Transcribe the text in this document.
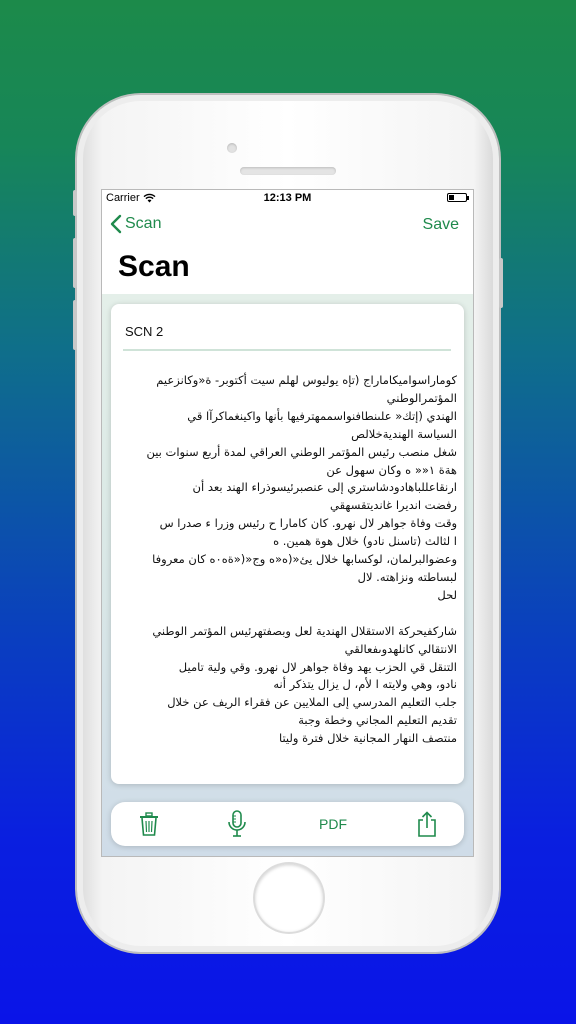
Carrier	12:13 PM
Scan	Save
Scan
SCN 2
كوماراسواميكاماراج (تإه يوليوس لهلم سيت أكتوبر- ة«وكانزعيم
المؤتمرالوطني
الهندي (إتك« علىنطافنواسممهترفيها بأنها واكينغماكرآا قي
السياسة الهنديةخلالص
شغل منصب رئيس المؤتمر الوطني العراقي لمدة أربع سنوات بين
هةة ١«« ه وكان سهول عن
ارنقاعللباهادودشاستري إلى عنصبرئيسوذراء الهند بعد أن
رفضت انديرا غانديتقسهقي
وقت وفاة جواهر لال نهرو. كان كامارا ح رئيس وزرا ء صدرا س
ا لثالث (تاسنل نادو) خلال هوة همين. ه
وعضوالبرلمان، لوكسابها خلال يئ«(ه«ه وج«(«ةه٠ه كان معروفا
لبساطته ونزاهته. لال
لحل

شاركفيحركة الاستقلال الهندية لعل وبصفتهرئيس المؤتمر الوطني
الانتقالي كانلهدوىفعالقي
التنقل قي الحزب يهد وفاة جواهر لال نهرو. وقي ولية تاميل
نادو، وهي ولايته ا لأم، ل يزال يتذكر أنه
جلب التعليم المدرسي إلى الملايين عن فقراء الريف عن خلال
تقديم التعليم المجاني وخطة وجبة
منتصف النهار المجانية خلال فترة وليتا
PDF
